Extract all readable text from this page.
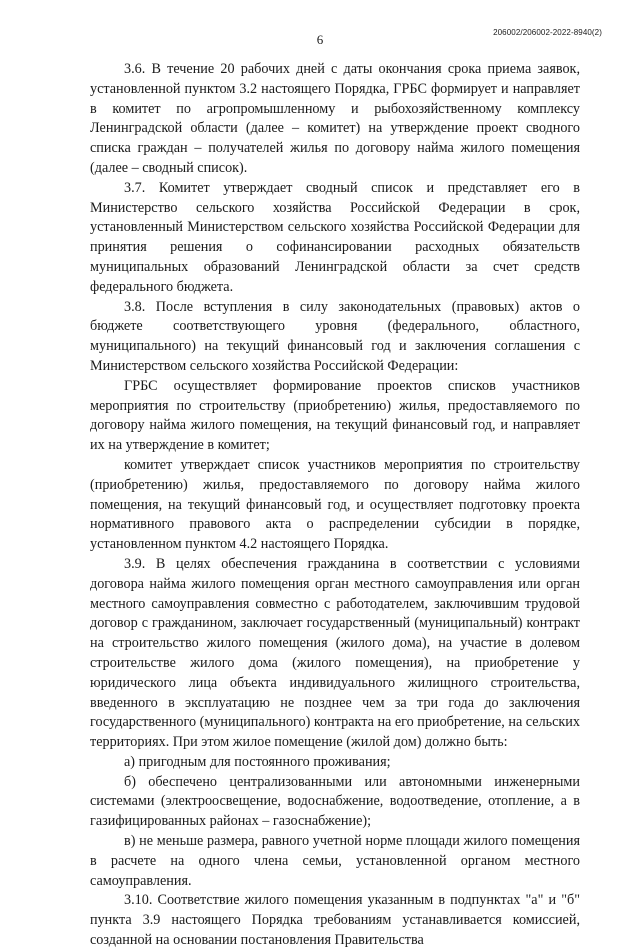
6	206002/206002-2022-8940(2)

3.6. В течение 20 рабочих дней с даты окончания срока приема заявок, установленной пунктом 3.2 настоящего Порядка, ГРБС формирует и направляет в комитет по агропромышленному и рыбохозяйственному комплексу Ленинградской области (далее – комитет) на утверждение проект сводного списка граждан – получателей жилья по договору найма жилого помещения (далее – сводный список).

3.7. Комитет утверждает сводный список и представляет его в Министерство сельского хозяйства Российской Федерации в срок, установленный Министерством сельского хозяйства Российской Федерации для принятия решения о софинансировании расходных обязательств муниципальных образований Ленинградской области за счет средств федерального бюджета.

3.8. После вступления в силу законодательных (правовых) актов о бюджете соответствующего уровня (федерального, областного, муниципального) на текущий финансовый год и заключения соглашения с Министерством сельского хозяйства Российской Федерации:

ГРБС осуществляет формирование проектов списков участников мероприятия по строительству (приобретению) жилья, предоставляемого по договору найма жилого помещения, на текущий финансовый год, и направляет их на утверждение в комитет;

комитет утверждает список участников мероприятия по строительству (приобретению) жилья, предоставляемого по договору найма жилого помещения, на текущий финансовый год, и осуществляет подготовку проекта нормативного правового акта о распределении субсидии в порядке, установленном пунктом 4.2 настоящего Порядка.

3.9. В целях обеспечения гражданина в соответствии с условиями договора найма жилого помещения орган местного самоуправления или орган местного самоуправления совместно с работодателем, заключившим трудовой договор с гражданином, заключает государственный (муниципальный) контракт на строительство жилого помещения (жилого дома), на участие в долевом строительстве жилого дома (жилого помещения), на приобретение у юридического лица объекта индивидуального жилищного строительства, введенного в эксплуатацию не позднее чем за три года до заключения государственного (муниципального) контракта на его приобретение, на сельских территориях. При этом жилое помещение (жилой дом) должно быть:

а) пригодным для постоянного проживания;

б) обеспечено централизованными или автономными инженерными системами (электроосвещение, водоснабжение, водоотведение, отопление, а в газифицированных районах – газоснабжение);

в) не меньше размера, равного учетной норме площади жилого помещения в расчете на одного члена семьи, установленной органом местного самоуправления.

3.10. Соответствие жилого помещения указанным в подпунктах "а" и "б" пункта 3.9 настоящего Порядка требованиям устанавливается комиссией, созданной на основании постановления Правительства
